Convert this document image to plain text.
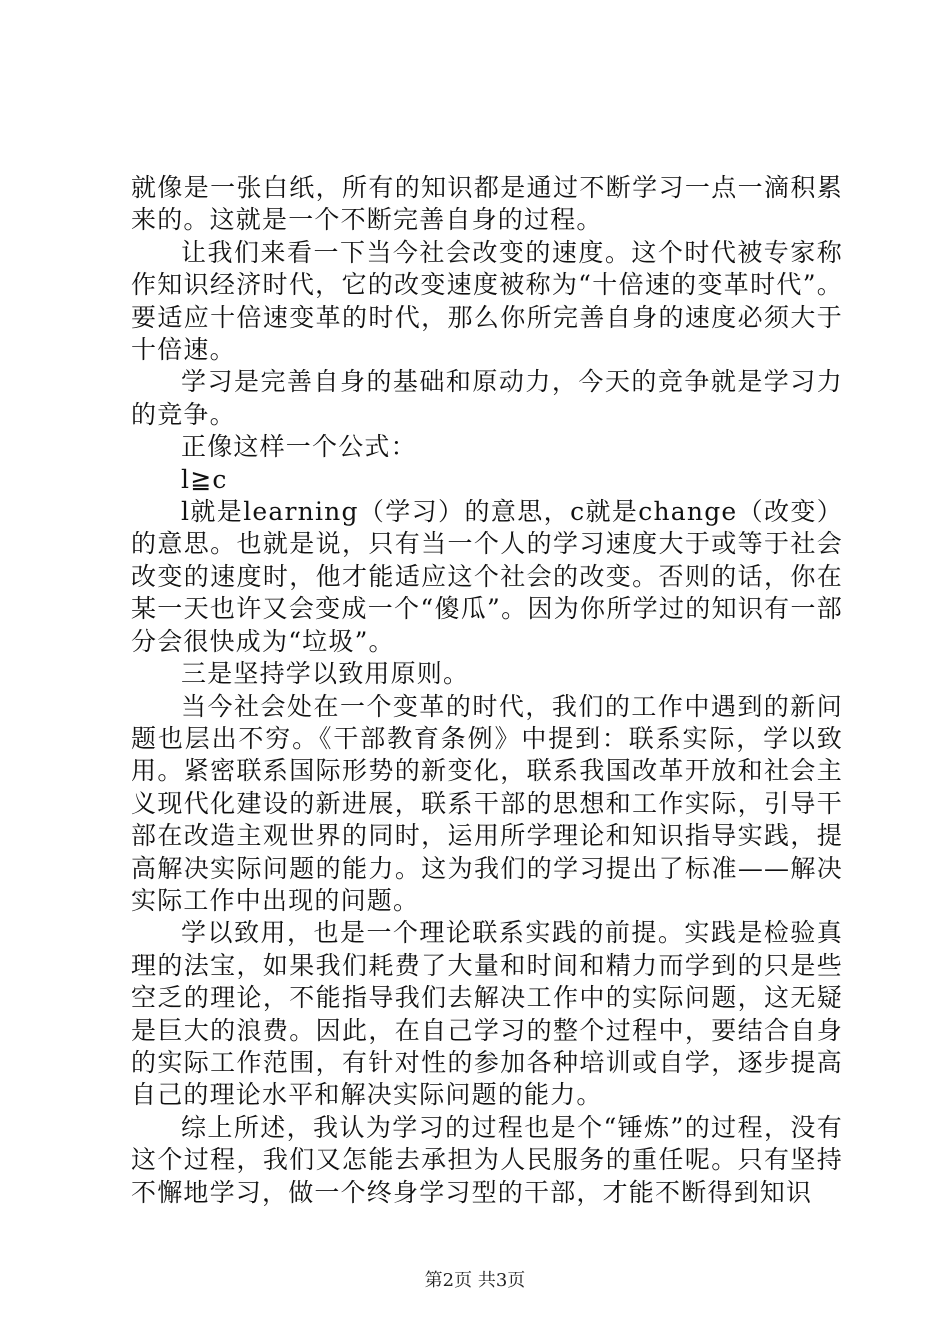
就像是一张白纸，所有的知识都是通过不断学习一点一滴积累来的。这就是一个不断完善自身的过程。

让我们来看一下当今社会改变的速度。这个时代被专家称作知识经济时代，它的改变速度被称为“十倍速的变革时代”。要适应十倍速变革的时代，那么你所完善自身的速度必须大于十倍速。

学习是完善自身的基础和原动力，今天的竞争就是学习力的竞争。

正像这样一个公式：

l≧c

l就是learning（学习）的意思，c就是change（改变）的意思。也就是说，只有当一个人的学习速度大于或等于社会改变的速度时，他才能适应这个社会的改变。否则的话，你在某一天也许又会变成一个“傻瓜”。因为你所学过的知识有一部分会很快成为“垃圾”。

三是坚持学以致用原则。

当今社会处在一个变革的时代，我们的工作中遇到的新问题也层出不穷。《干部教育条例》中提到：联系实际，学以致用。紧密联系国际形势的新变化，联系我国改革开放和社会主义现代化建设的新进展，联系干部的思想和工作实际，引导干部在改造主观世界的同时，运用所学理论和知识指导实践，提高解决实际问题的能力。这为我们的学习提出了标准——解决实际工作中出现的问题。

学以致用，也是一个理论联系实践的前提。实践是检验真理的法宝，如果我们耗费了大量和时间和精力而学到的只是些空乏的理论，不能指导我们去解决工作中的实际问题，这无疑是巨大的浪费。因此，在自己学习的整个过程中，要结合自身的实际工作范围，有针对性的参加各种培训或自学，逐步提高自己的理论水平和解决实际问题的能力。

综上所述，我认为学习的过程也是个“锤炼”的过程，没有这个过程，我们又怎能去承担为人民服务的重任呢。只有坚持不懈地学习，做一个终身学习型的干部，才能不断得到知识

第2页 共3页
